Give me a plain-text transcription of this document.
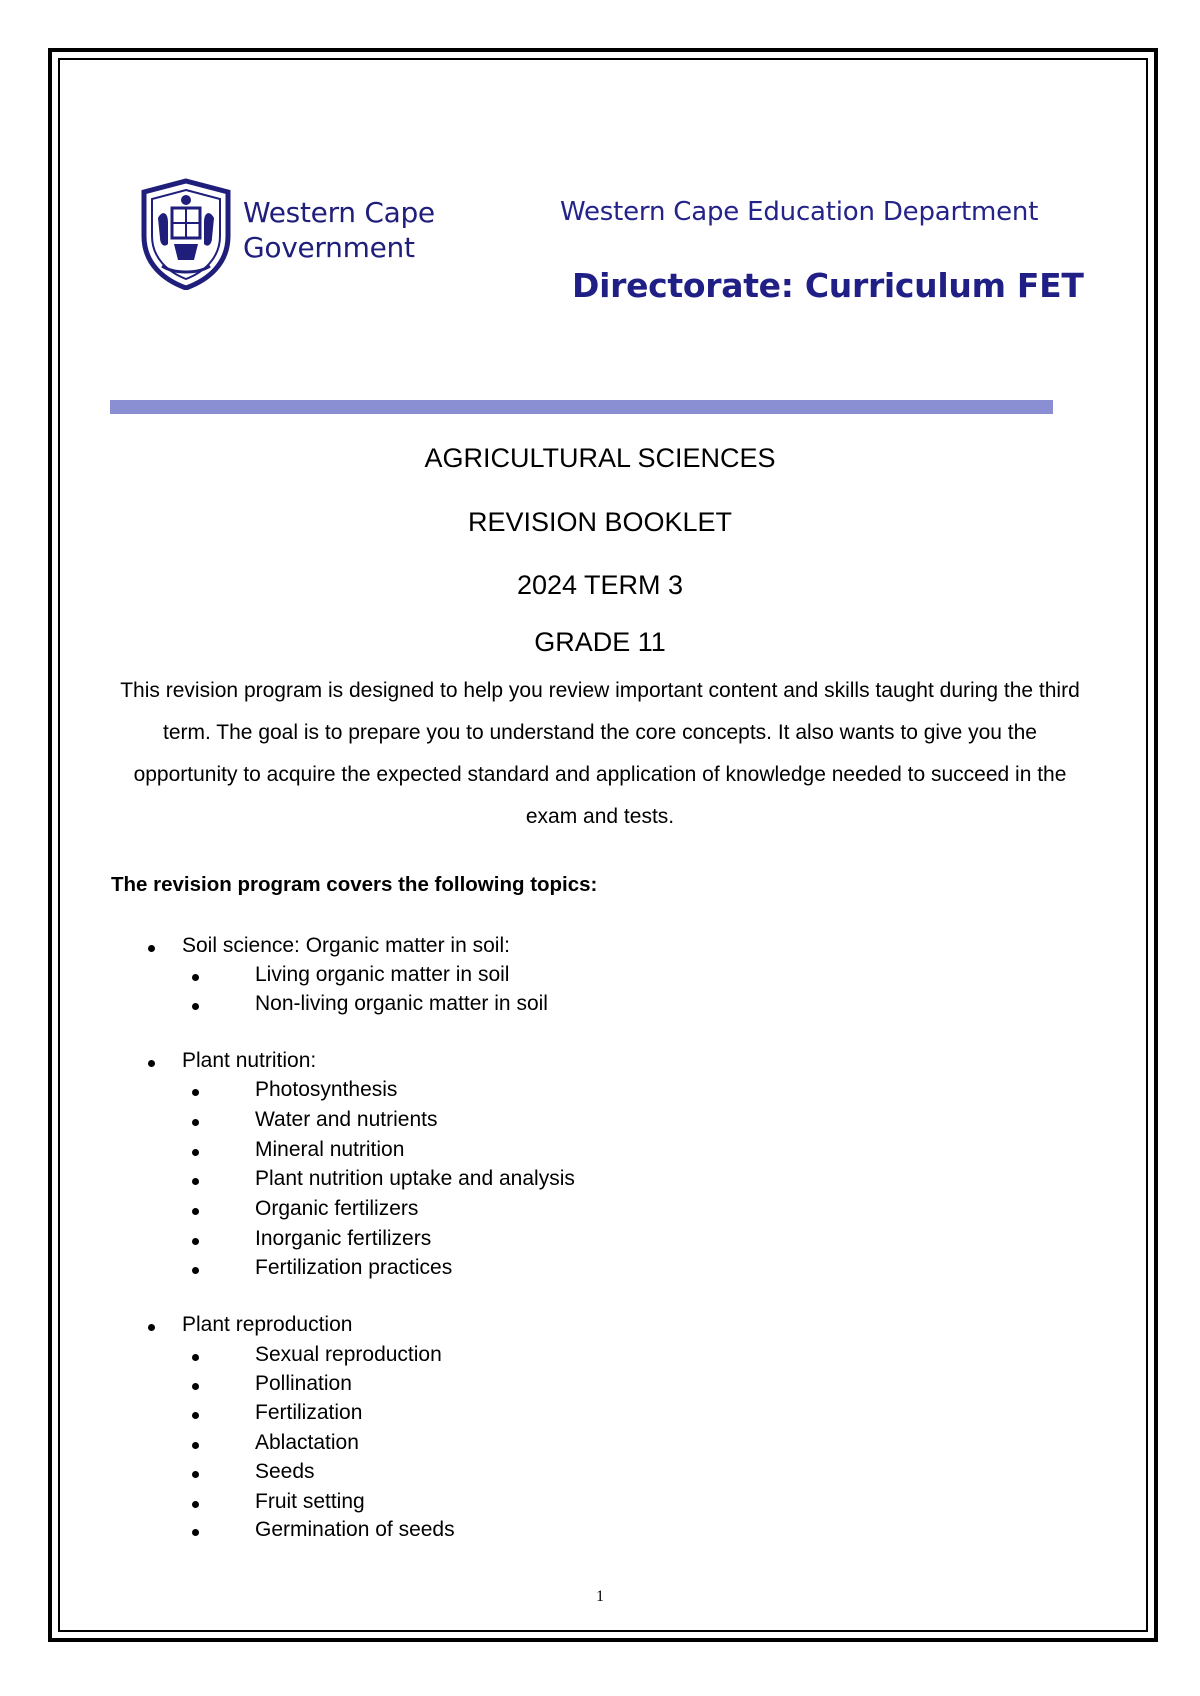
Western Cape
Government
Western Cape Education Department
Directorate: Curriculum FET
AGRICULTURAL SCIENCES
REVISION BOOKLET
2024 TERM 3
GRADE 11
This revision program is designed to help you review important content and skills taught during the third term. The goal is to prepare you to understand the core concepts. It also wants to give you the opportunity to acquire the expected standard and application of knowledge needed to succeed in the exam and tests.
The revision program covers the following topics:
Soil science: Organic matter in soil:
Living organic matter in soil
Non-living organic matter in soil
Plant nutrition:
Photosynthesis
Water and nutrients
Mineral nutrition
Plant nutrition uptake and analysis
Organic fertilizers
Inorganic fertilizers
Fertilization practices
Plant reproduction
Sexual reproduction
Pollination
Fertilization
Ablactation
Seeds
Fruit setting
Germination of seeds
1
